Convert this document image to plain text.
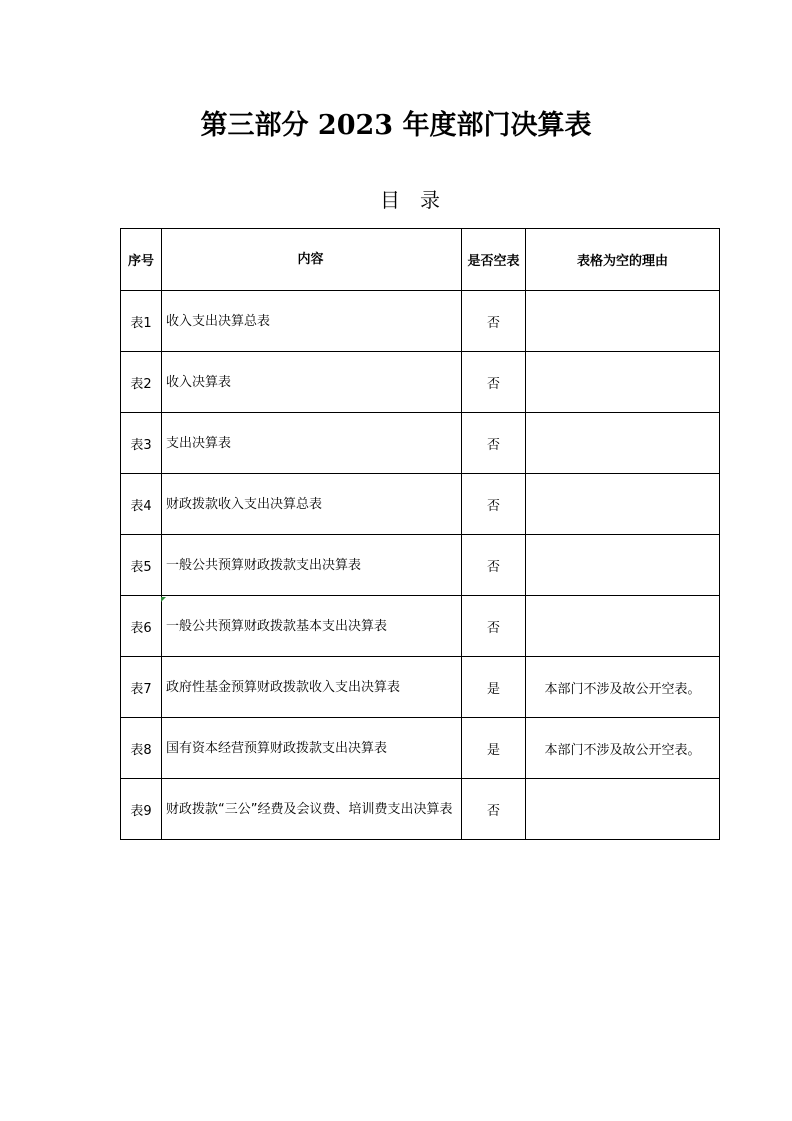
第三部分 2023 年度部门决算表
目录
序号	内容	是否空表	表格为空的理由
表1	收入支出决算总表	否	
表2	收入决算表	否	
表3	支出决算表	否	
表4	财政拨款收入支出决算总表	否	
表5	一般公共预算财政拨款支出决算表	否	
表6	一般公共预算财政拨款基本支出决算表	否	
表7	政府性基金预算财政拨款收入支出决算表	是	本部门不涉及故公开空表。
表8	国有资本经营预算财政拨款支出决算表	是	本部门不涉及故公开空表。
表9	财政拨款“三公”经费及会议费、培训费支出决算表	否	
